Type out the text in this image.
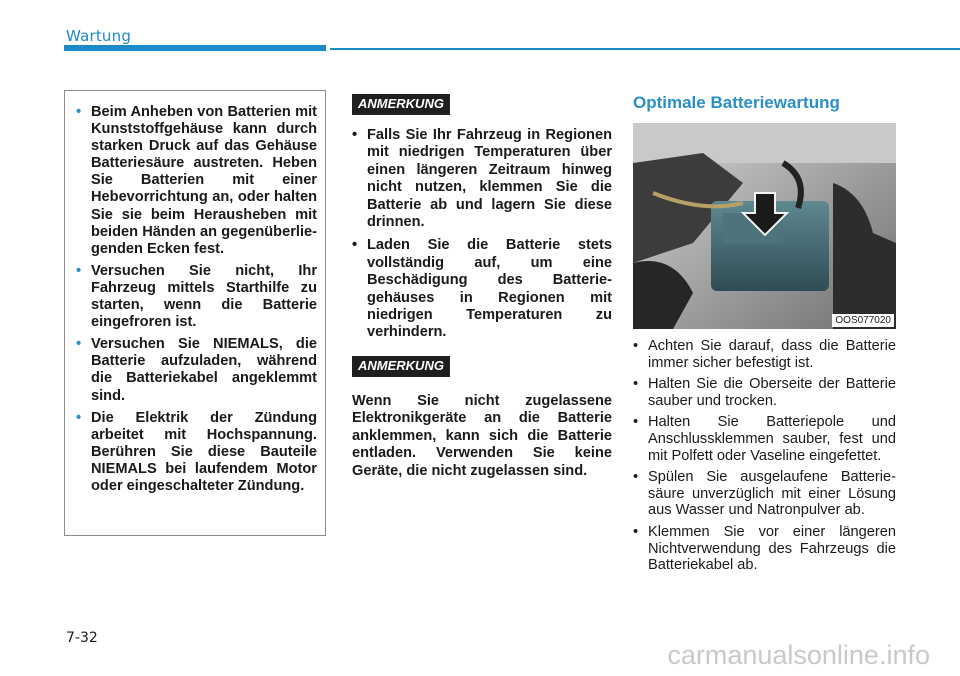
Wartung
• Beim Anheben von Batterien mit Kunststoffgehäuse kann durch starken Druck auf das Gehäuse Batteriesäure austreten. Heben Sie Batterien mit einer Hebevorrichtung an, oder halten Sie sie beim Herausheben mit beiden Händen an gegenüberliegenden Ecken fest.
• Versuchen Sie nicht, Ihr Fahrzeug mittels Starthilfe zu starten, wenn die Batterie eingefroren ist.
• Versuchen Sie NIEMALS, die Batterie aufzuladen, während die Batteriekabel angeklemmt sind.
• Die Elektrik der Zündung arbeitet mit Hochspannung. Berühren Sie diese Bauteile NIEMALS bei laufendem Motor oder eingeschalteter Zündung.
ANMERKUNG
• Falls Sie Ihr Fahrzeug in Regionen mit niedrigen Temperaturen über einen längeren Zeitraum hinweg nicht nutzen, klemmen Sie die Batterie ab und lagern Sie diese drinnen.
• Laden Sie die Batterie stets vollständig auf, um eine Beschädigung des Batteriegehäuses in Regionen mit niedrigen Temperaturen zu verhindern.
ANMERKUNG
Wenn Sie nicht zugelassene Elektronikgeräte an die Batterie anklemmen, kann sich die Batterie entladen. Verwenden Sie keine Geräte, die nicht zugelassen sind.
Optimale Batteriewartung
OOS077020
• Achten Sie darauf, dass die Batterie immer sicher befestigt ist.
• Halten Sie die Oberseite der Batterie sauber und trocken.
• Halten Sie Batteriepole und Anschlussklemmen sauber, fest und mit Polfett oder Vaseline eingefettet.
• Spülen Sie ausgelaufene Batteriesäure unverzüglich mit einer Lösung aus Wasser und Natronpulver ab.
• Klemmen Sie vor einer längeren Nichtverwendung des Fahrzeugs die Batteriekabel ab.
7-32
carmanualsonline.info
